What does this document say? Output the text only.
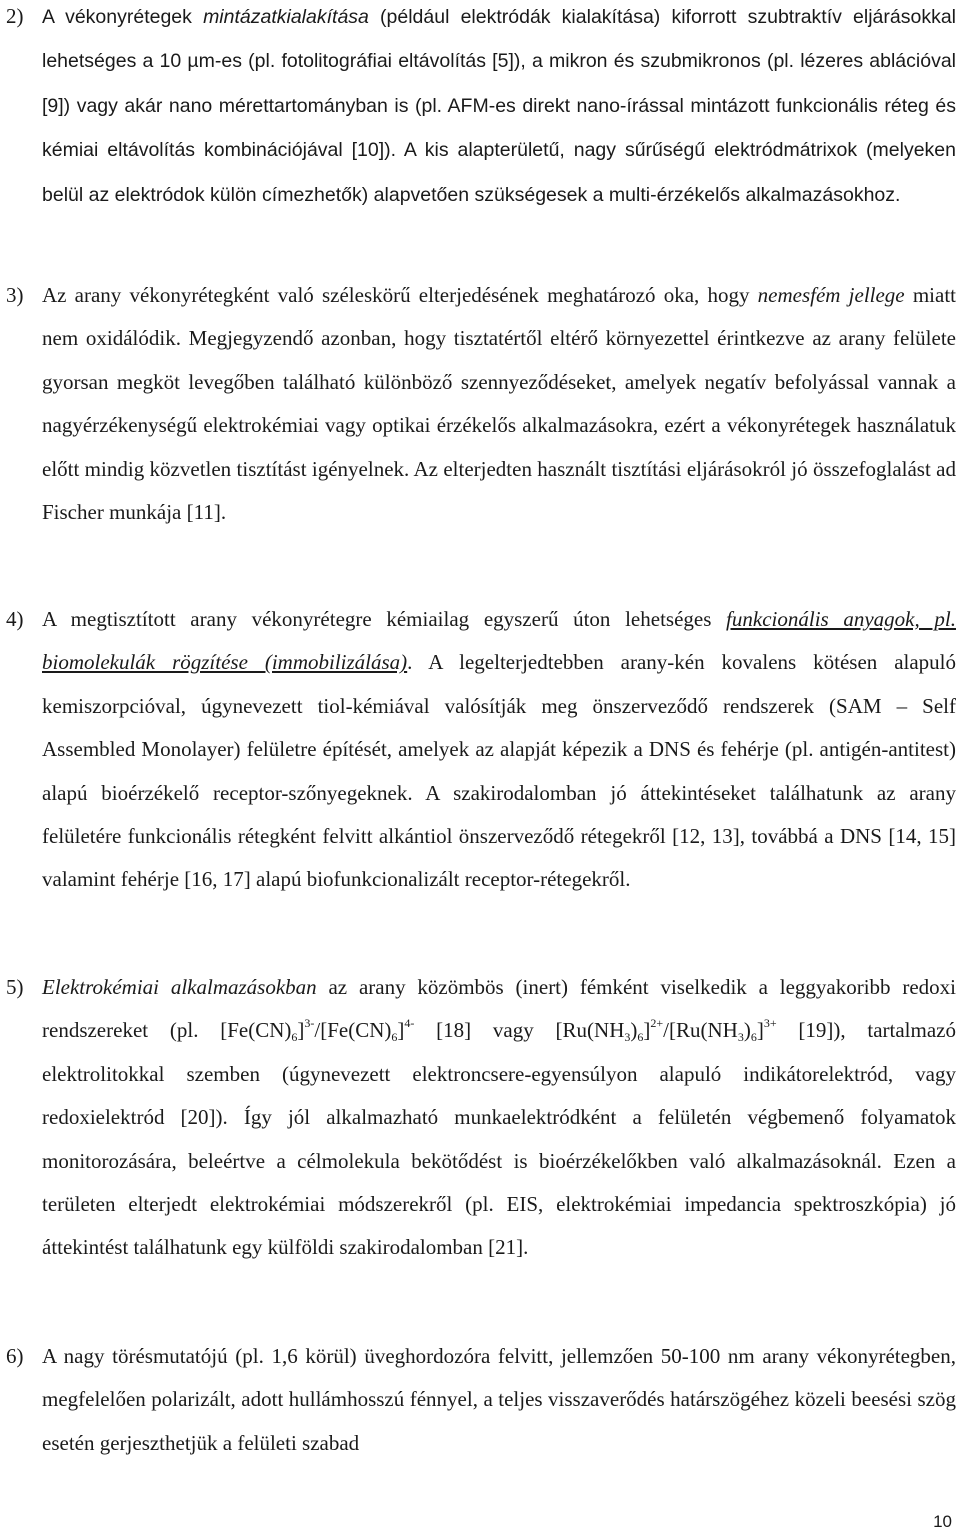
2) A vékonyrétegek mintázatkialakítása (például elektródák kialakítása) kiforrott szubtraktív eljárásokkal lehetséges a 10 µm-es (pl. fotolitográfiai eltávolítás [5]), a mikron és szubmikronos (pl. lézeres ablációval [9]) vagy akár nano mérettartományban is (pl. AFM-es direkt nano-írással mintázott funkcionális réteg és kémiai eltávolítás kombinációjával [10]). A kis alapterületű, nagy sűrűségű elektródmátrixok (melyeken belül az elektródok külön címezhetők) alapvetően szükségesek a multi-érzékelős alkalmazásokhoz.
3) Az arany vékonyrétegként való széleskörű elterjedésének meghatározó oka, hogy nemesfém jellege miatt nem oxidálódik. Megjegyzendő azonban, hogy tisztatértől eltérő környezettel érintkezve az arany felülete gyorsan megköt levegőben található különböző szennyeződéseket, amelyek negatív befolyással vannak a nagyérzékenységű elektrokémiai vagy optikai érzékelős alkalmazásokra, ezért a vékonyrétegek használatuk előtt mindig közvetlen tisztítást igényelnek. Az elterjedten használt tisztítási eljárásokról jó összefoglalást ad Fischer munkája [11].
4) A megtisztított arany vékonyrétegre kémiailag egyszerű úton lehetséges funkcionális anyagok, pl. biomolekulák rögzítése (immobilizálása). A legelterjedtebben arany-kén kovalens kötésen alapuló kemiszorpcióval, úgynevezett tiol-kémiával valósítják meg önszerveződő rendszerek (SAM – Self Assembled Monolayer) felületre építését, amelyek az alapját képezik a DNS és fehérje (pl. antigén-antitest) alapú bioérzékelő receptor-szőnyegeknek. A szakirodalomban jó áttekintéseket találhatunk az arany felületére funkcionális rétegként felvitt alkántiol önszerveződő rétegekről [12, 13], továbbá a DNS [14, 15] valamint fehérje [16, 17] alapú biofunkcionalizált receptor-rétegekről.
5) Elektrokémiai alkalmazásokban az arany közömbös (inert) fémként viselkedik a leggyakoribb redoxi rendszereket (pl. $[Fe(CN)_6]^{3-}/[Fe(CN)_6]^{4-}$ [18] vagy $[Ru(NH_3)_6]^{2+}/[Ru(NH_3)_6]^{3+}$ [19]), tartalmazó elektrolitokkal szemben (úgynevezett elektroncsere-egyensúlyon alapuló indikátorelektród, vagy redoxielektród [20]). Így jól alkalmazható munkaelektródként a felületén végbemenő folyamatok monitorozására, beleértve a célmolekula bekötődést is bioérzékelőkben való alkalmazásoknál. Ezen a területen elterjedt elektrokémiai módszerekről (pl. EIS, elektrokémiai impedancia spektroszkópia) jó áttekintést találhatunk egy külföldi szakirodalomban [21].
6) A nagy törésmutatójú (pl. 1,6 körül) üveghordozóra felvitt, jellemzően 50-100 nm arany vékonyrétegben, megfelelően polarizált, adott hullámhosszú fénnyel, a teljes visszaverődés határszögéhez közeli beesési szög esetén gerjeszthetjük a felületi szabad
10
